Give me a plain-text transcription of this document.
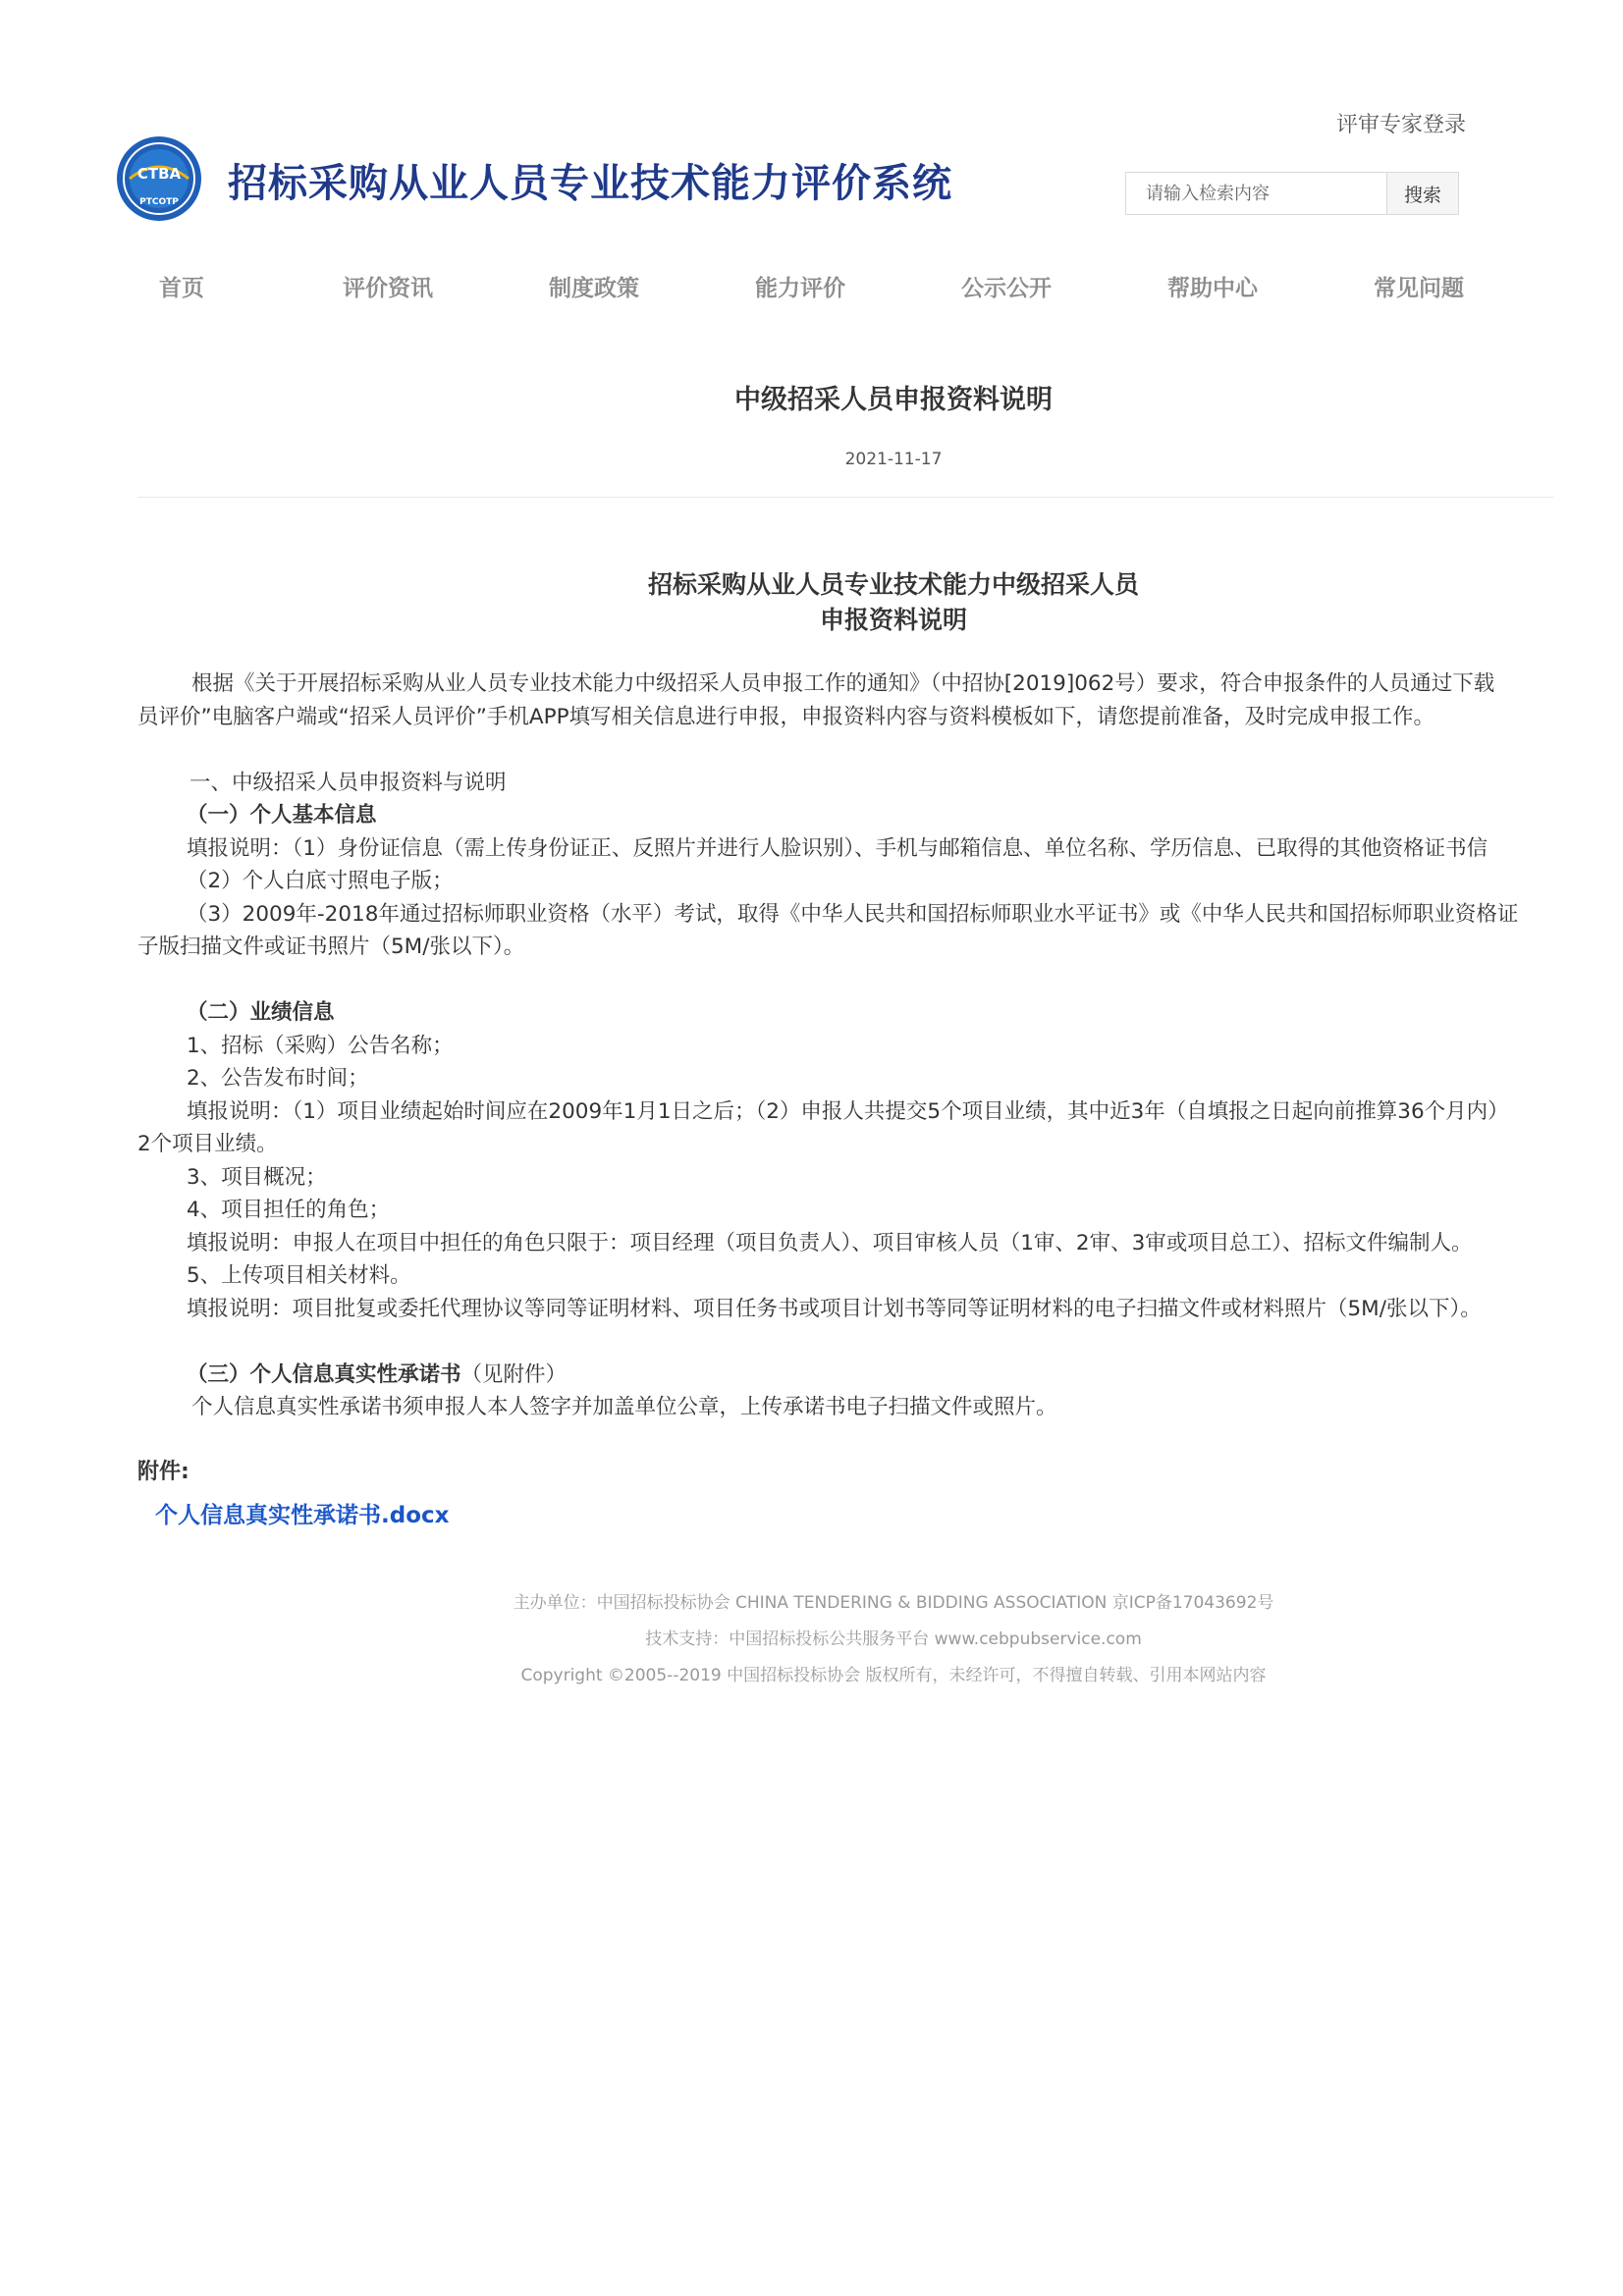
评审专家登录
CTBA
PTCOTP 招标采购从业人员专业技术能力评价系统
请输入检索内容	搜索
首页	评价资讯	制度政策	能力评价	公示公开	帮助中心	常见问题
中级招采人员申报资料说明
2021-11-17
招标采购从业人员专业技术能力中级招采人员
申报资料说明
根据《关于开展招标采购从业人员专业技术能力中级招采人员申报工作的通知》（中招协[2019]062号）要求，符合申报条件的人员通过下载
员评价”电脑客户端或“招采人员评价”手机APP填写相关信息进行申报，申报资料内容与资料模板如下，请您提前准备，及时完成申报工作。
一、中级招采人员申报资料与说明
（一）个人基本信息
填报说明：（1）身份证信息（需上传身份证正、反照片并进行人脸识别）、手机与邮箱信息、单位名称、学历信息、已取得的其他资格证书信
（2）个人白底寸照电子版；
（3）2009年-2018年通过招标师职业资格（水平）考试，取得《中华人民共和国招标师职业水平证书》或《中华人民共和国招标师职业资格证
子版扫描文件或证书照片（5M/张以下）。
（二）业绩信息
1、招标（采购）公告名称；
2、公告发布时间；
填报说明：（1）项目业绩起始时间应在2009年1月1日之后；（2）申报人共提交5个项目业绩，其中近3年（自填报之日起向前推算36个月内）
2个项目业绩。
3、项目概况；
4、项目担任的角色；
填报说明：申报人在项目中担任的角色只限于：项目经理（项目负责人）、项目审核人员（1审、2审、3审或项目总工）、招标文件编制人。
5、上传项目相关材料。
填报说明：项目批复或委托代理协议等同等证明材料、项目任务书或项目计划书等同等证明材料的电子扫描文件或材料照片（5M/张以下）。
（三）个人信息真实性承诺书（见附件）
个人信息真实性承诺书须申报人本人签字并加盖单位公章，上传承诺书电子扫描文件或照片。
附件:
个人信息真实性承诺书.docx
主办单位：中国招标投标协会 CHINA TENDERING & BIDDING ASSOCIATION 京ICP备17043692号
技术支持：中国招标投标公共服务平台 www.cebpubservice.com
Copyright ©2005--2019 中国招标投标协会 版权所有，未经许可，不得擅自转载、引用本网站内容
